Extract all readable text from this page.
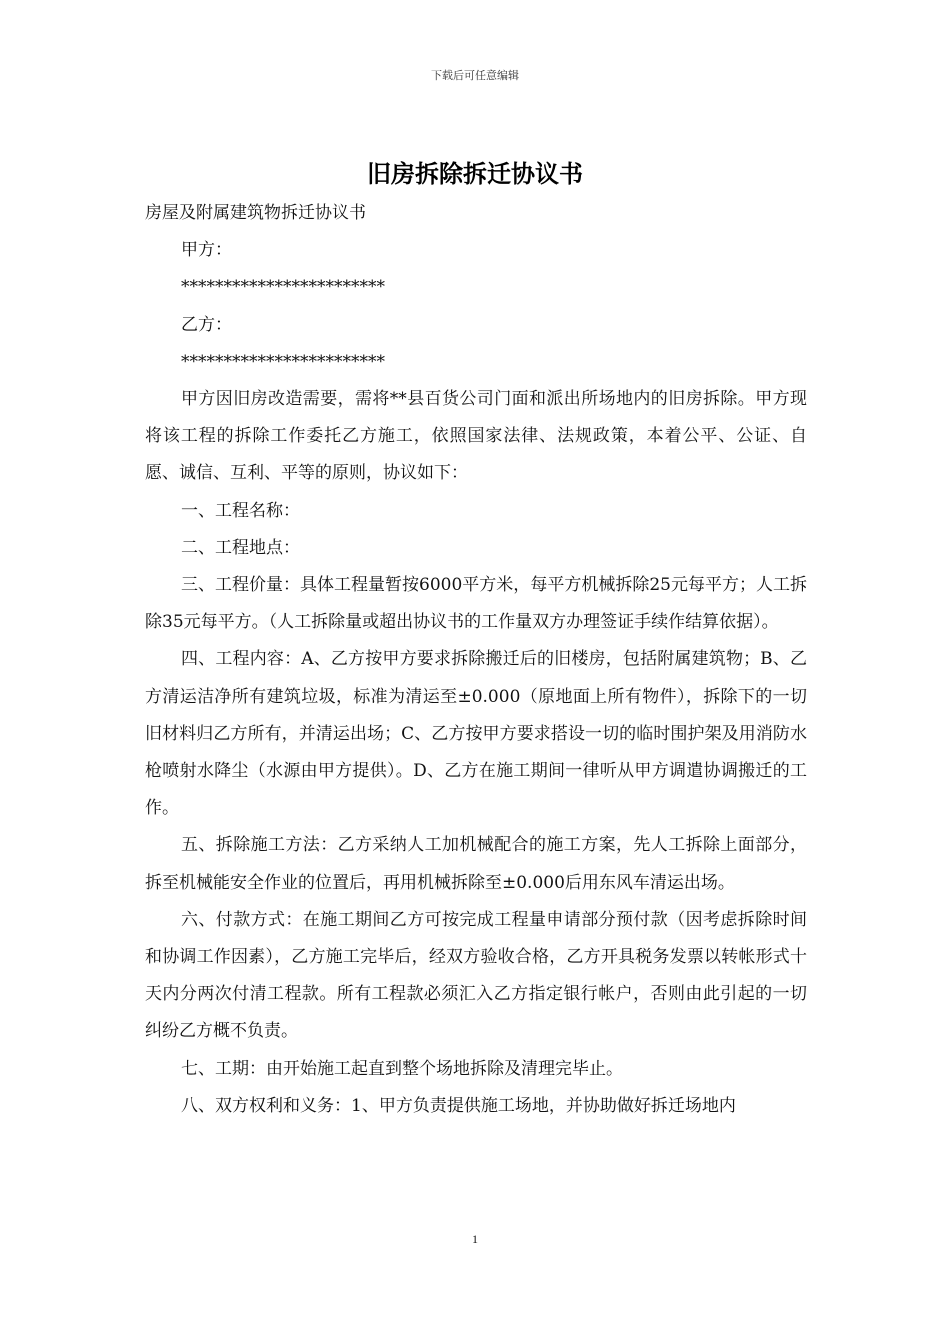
下载后可任意编辑
旧房拆除拆迁协议书

房屋及附属建筑物拆迁协议书

甲方：

************************

乙方：

************************

甲方因旧房改造需要，需将**县百货公司门面和派出所场地内的旧房拆除。甲方现将该工程的拆除工作委托乙方施工，依照国家法律、法规政策，本着公平、公证、自愿、诚信、互利、平等的原则，协议如下：

一、工程名称：

二、工程地点：

三、工程价量：具体工程量暂按6000平方米，每平方机械拆除25元每平方；人工拆除35元每平方。（人工拆除量或超出协议书的工作量双方办理签证手续作结算依据）。

四、工程内容：A、乙方按甲方要求拆除搬迁后的旧楼房，包括附属建筑物；B、乙方清运洁净所有建筑垃圾，标准为清运至±0.000（原地面上所有物件），拆除下的一切旧材料归乙方所有，并清运出场；C、乙方按甲方要求搭设一切的临时围护架及用消防水枪喷射水降尘（水源由甲方提供）。D、乙方在施工期间一律听从甲方调遣协调搬迁的工作。

五、拆除施工方法：乙方采纳人工加机械配合的施工方案，先人工拆除上面部分，拆至机械能安全作业的位置后，再用机械拆除至±0.000后用东风车清运出场。

六、付款方式：在施工期间乙方可按完成工程量申请部分预付款（因考虑拆除时间和协调工作因素），乙方施工完毕后，经双方验收合格，乙方开具税务发票以转帐形式十天内分两次付清工程款。所有工程款必须汇入乙方指定银行帐户，否则由此引起的一切纠纷乙方概不负责。

七、工期：由开始施工起直到整个场地拆除及清理完毕止。

八、双方权利和义务：1、甲方负责提供施工场地，并协助做好拆迁场地内

1
